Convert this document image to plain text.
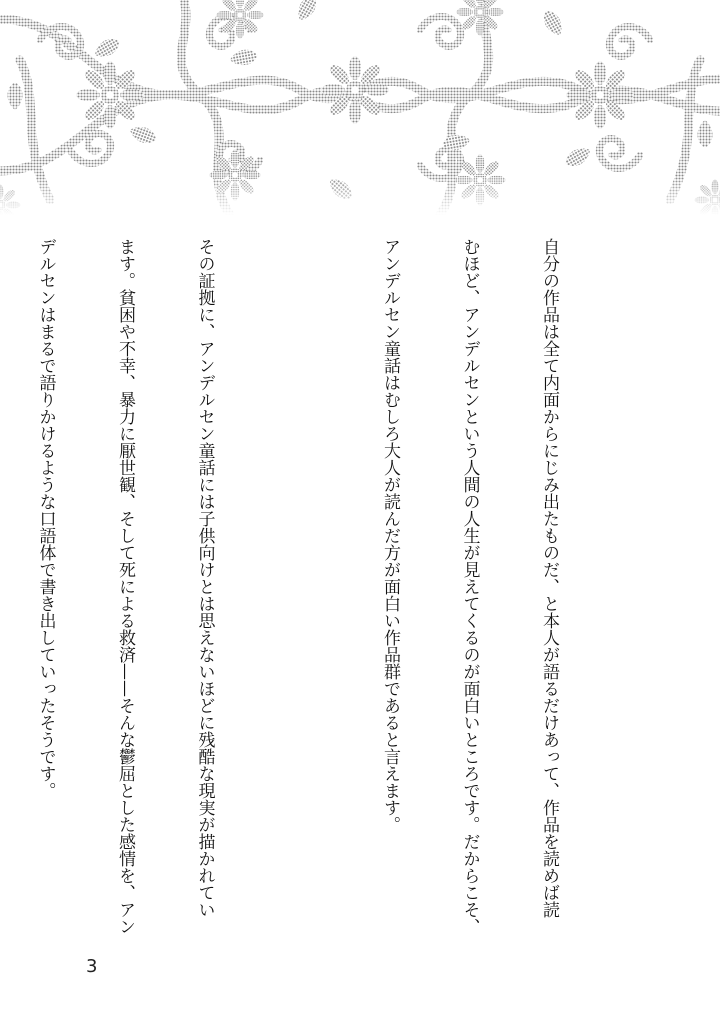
自分の作品は全て内面からにじみ出たものだ、と本人が語るだけあって、作品を読めば読

むほど、アンデルセンという人間の人生が見えてくるのが面白いところです。だからこそ、

アンデルセン童話はむしろ大人が読んだ方が面白い作品群であると言えます。

その証拠に、アンデルセン童話には子供向けとは思えないほどに残酷な現実が描かれてい

ます。貧困や不幸、暴力に厭世観、そして死による救済——そんな鬱屈とした感情を、アン

デルセンはまるで語りかけるような口語体で書き出していったそうです。

3
